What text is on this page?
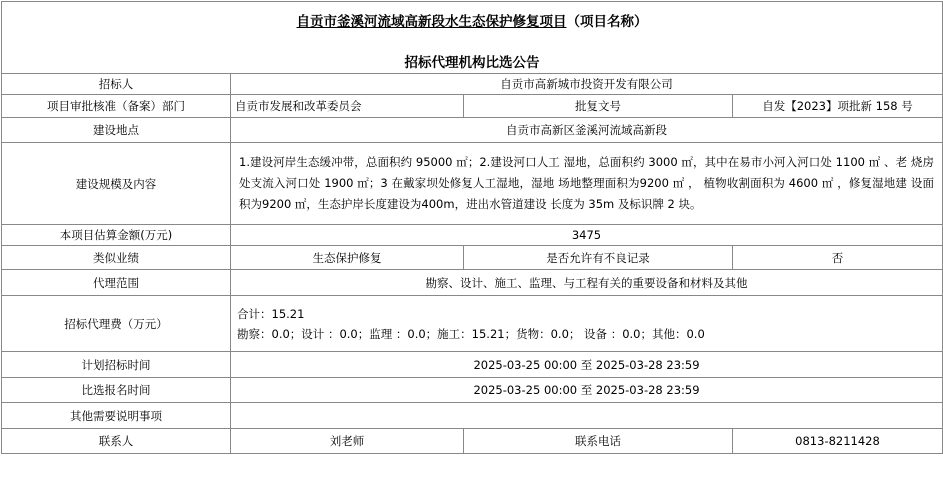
自贡市釜溪河流域高新段水生态保护修复项目（项目名称）
招标代理机构比选公告			

招标人	自贡市高新城市投资开发有限公司		
项目审批核准（备案）部门	自贡市发展和改革委员会	批复文号	自发【2023】项批新 158 号
建设地点	自贡市高新区釜溪河流域高新段		
建设规模及内容	1.建设河岸生态缓冲带，总面积约 95000 ㎡；2.建设河口人工 湿地，总面积约 3000 ㎡，其中在易市小河入河口处 1100 ㎡ 、老 烧房处支流入河口处 1900 ㎡；3 在戴家坝处修复人工湿地，湿地 场地整理面积为9200 ㎡ ， 植物收割面积为 4600 ㎡ ，修复湿地建 设面积为9200 ㎡，生态护岸长度建设为400m，进出水管道建设 长度为 35m 及标识牌 2 块。		
本项目估算金额(万元)	3475		
类似业绩	生态保护修复	是否允许有不良记录	否
代理范围	勘察、设计、施工、监理、与工程有关的重要设备和材料及其他		
招标代理费（万元）	合计：15.21
勘察：0.0；设计 ：0.0；监理 ：0.0；施工：15.21；货物：0.0； 设备 ：0.0；其他：0.0		

计划招标时间	2025-03-25 00:00 至 2025-03-28 23:59		
比选报名时间	2025-03-25 00:00 至 2025-03-28 23:59		
其他需要说明事项			
联系人	刘老师	联系电话	0813-8211428
